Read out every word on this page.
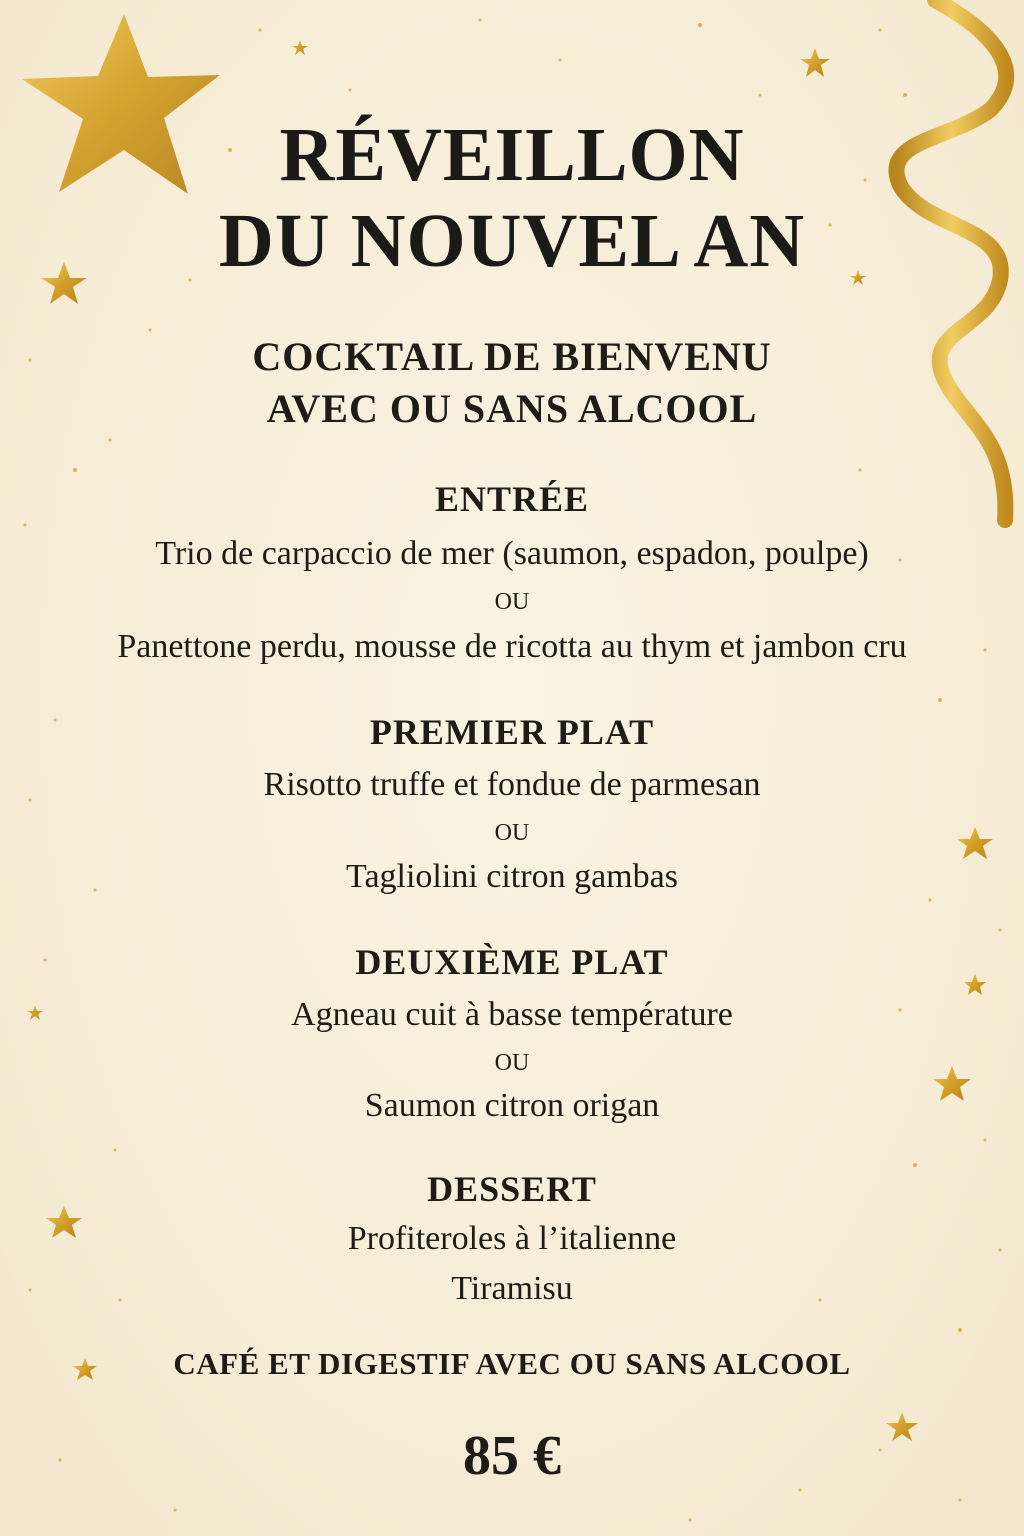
RÉVEILLON
DU NOUVEL AN
COCKTAIL DE BIENVENU
AVEC OU SANS ALCOOL
ENTRÉE
Trio de carpaccio de mer (saumon, espadon, poulpe)
OU
Panettone perdu, mousse de ricotta au thym et jambon cru
PREMIER PLAT
Risotto truffe et fondue de parmesan
OU
Tagliolini citron gambas
DEUXIÈME PLAT
Agneau cuit à basse température
OU
Saumon citron origan
DESSERT
Profiteroles à l’italienne
Tiramisu
CAFÉ ET DIGESTIF AVEC OU SANS ALCOOL
85 €
